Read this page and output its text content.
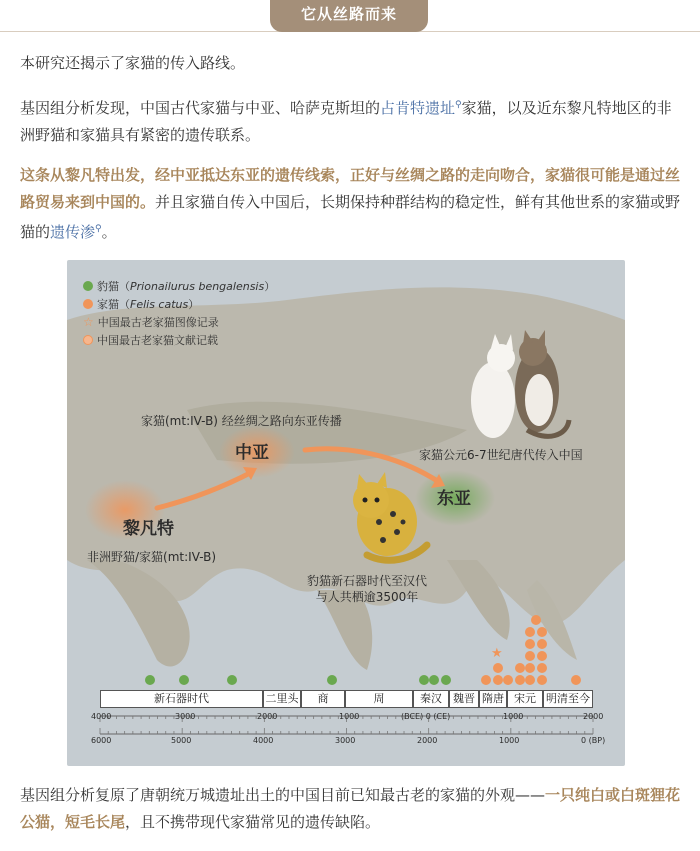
它从丝路而来

本研究还揭示了家猫的传入路线。

基因组分析发现，中国古代家猫与中亚、哈萨克斯坦的占肯特遗址⚲家猫，以及近东黎凡特地区的非洲野猫和家猫具有紧密的遗传联系。

这条从黎凡特出发，经中亚抵达东亚的遗传线索，正好与丝绸之路的走向吻合，家猫很可能是通过丝路贸易来到中国的。并且家猫自传入中国后，长期保持种群结构的稳定性，鲜有其他世系的家猫或野猫的遗传渗⚲。

豹猫（Prionailurus bengalensis）
家猫（Felis catus）
☆ 中国最古老家猫图像记录
中国最古老家猫文献记载
家猫(mt:IV-B) 经丝绸之路向东亚传播
中亚
东亚
黎凡特
非洲野猫/家猫(mt:IV-B)
家猫公元6-7世纪唐代传入中国
豹猫新石器时代至汉代
与人共栖逾3500年
新石器时代	二里头	商	周	秦汉	魏晋 隋唐 宋元 明清至今
4000	3000	2000	1000	(BCE) 0 (CE)	1000	2000
6000	5000	4000	3000	2000	1000	0 (BP)
★

基因组分析复原了唐朝统万城遗址出土的中国目前已知最古老的家猫的外观——一只纯白或白斑狸花公猫，短毛长尾，且不携带现代家猫常见的遗传缺陷。
